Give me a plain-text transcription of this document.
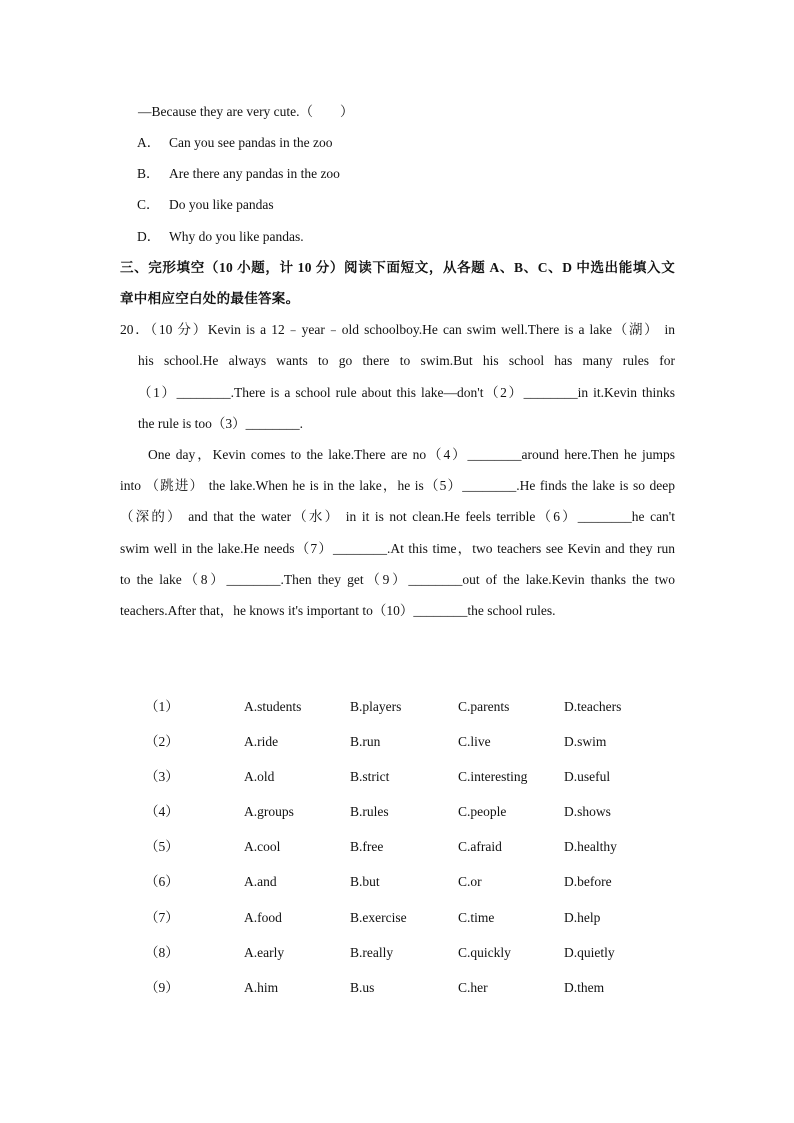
—Because they are very cute.（        ）
A． Can you see pandas in the zoo
B． Are there any pandas in the zoo
C． Do you like pandas
D． Why do you like pandas.
三、完形填空（10 小题，计 10 分）阅读下面短文，从各题 A、B、C、D 中选出能填入文
章中相应空白处的最佳答案。
20．（10 分）Kevin is a 12﹣year﹣old schoolboy.He can swim well.There is a lake（湖） in
his school.He always wants to go there to swim.But his school has many rules for
（1）________.There is a school rule about this lake—don't（2）________in it.Kevin thinks
the rule is too（3）________.
One day，Kevin comes to the lake.There are no（4）________around here.Then he jumps
into （跳进） the lake.When he is in the lake，he is（5）________.He finds the lake is so deep
（深的） and that the water（水） in it is not clean.He feels terrible（6）________he can't
swim well in the lake.He needs（7）________.At this time，two teachers see Kevin and they run
to the lake（8）________.Then they get（9）________out of the lake.Kevin thanks the two
teachers.After that，he knows it's important to（10）________the school rules.
（1）	A.students	B.players	C.parents	D.teachers
（2）	A.ride	B.run	C.live	D.swim
（3）	A.old	B.strict	C.interesting	D.useful
（4）	A.groups	B.rules	C.people	D.shows
（5）	A.cool	B.free	C.afraid	D.healthy
（6）	A.and	B.but	C.or	D.before
（7）	A.food	B.exercise	C.time	D.help
（8）	A.early	B.really	C.quickly	D.quietly
（9）	A.him	B.us	C.her	D.them
